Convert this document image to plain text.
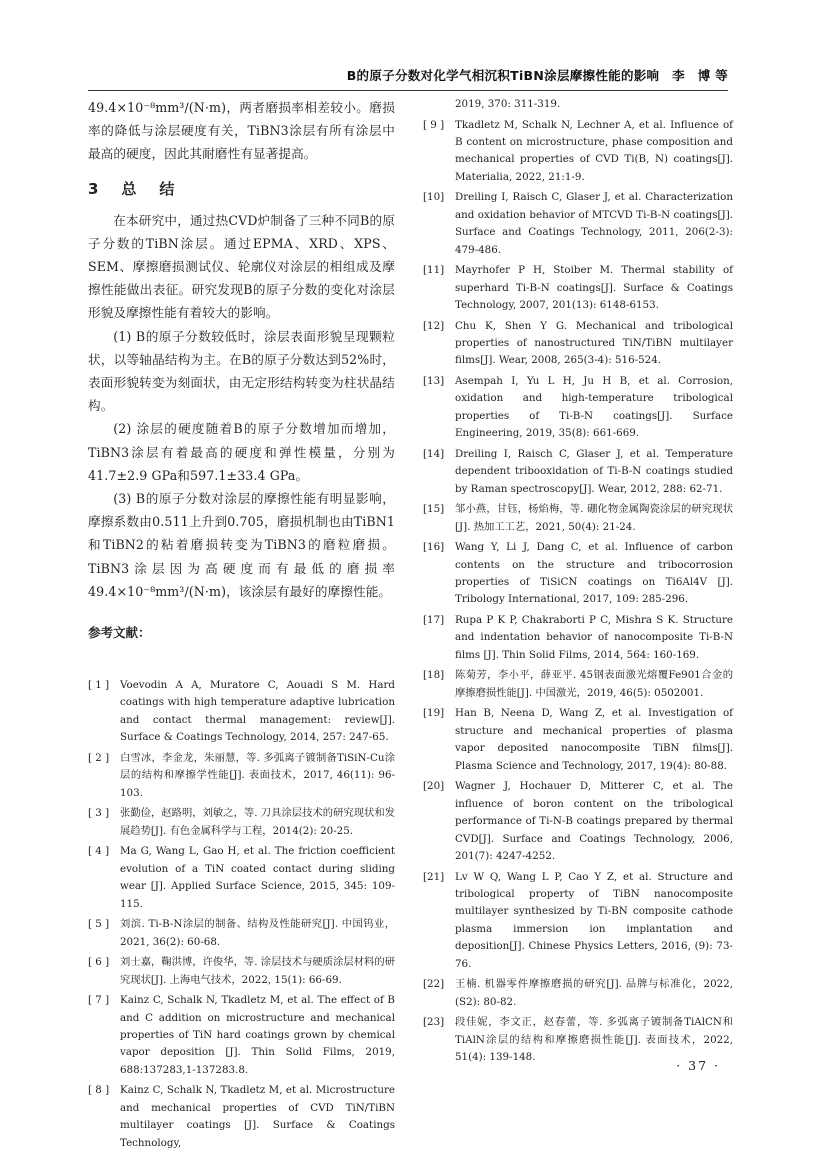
B的原子分数对化学气相沉积TiBN涂层摩擦性能的影响　李　博 等

49.4×10⁻⁸mm³/(N·m)，两者磨损率相差较小。磨损率的降低与涂层硬度有关，TiBN3涂层有所有涂层中最高的硬度，因此其耐磨性有显著提高。

3　总　结

在本研究中，通过热CVD炉制备了三种不同B的原子分数的TiBN涂层。通过EPMA、XRD、XPS、SEM、摩擦磨损测试仪、轮廓仪对涂层的相组成及摩擦性能做出表征。研究发现B的原子分数的变化对涂层形貌及摩擦性能有着较大的影响。

(1) B的原子分数较低时，涂层表面形貌呈现颗粒状，以等轴晶结构为主。在B的原子分数达到52%时，表面形貌转变为刻面状，由无定形结构转变为柱状晶结构。

(2) 涂层的硬度随着B的原子分数增加而增加，TiBN3涂层有着最高的硬度和弹性模量，分别为41.7±2.9 GPa和597.1±33.4 GPa。

(3) B的原子分数对涂层的摩擦性能有明显影响，摩擦系数由0.511上升到0.705，磨损机制也由TiBN1和TiBN2的粘着磨损转变为TiBN3的磨粒磨损。TiBN3涂层因为高硬度而有最低的磨损率49.4×10⁻⁸mm³/(N·m)，该涂层有最好的摩擦性能。

参考文献：
[ 1 ]	Voevodin A A, Muratore C, Aouadi S M. Hard coatings with high temperature adaptive lubrication and contact thermal management: review[J]. Surface & Coatings Technology, 2014, 257: 247-65.
[ 2 ]	白雪冰，李金龙，朱丽慧，等. 多弧离子镀制备TiSiN-Cu涂层的结构和摩擦学性能[J]. 表面技术，2017, 46(11): 96-103.
[ 3 ]	张勤俭，赵路明，刘敏之，等. 刀具涂层技术的研究现状和发展趋势[J]. 有色金属科学与工程，2014(2): 20-25.
[ 4 ]	Ma G, Wang L, Gao H, et al. The friction coefficient evolution of a TiN coated contact during sliding wear [J]. Applied Surface Science, 2015, 345: 109-115.
[ 5 ]	刘滨. Ti-B-N涂层的制备、结构及性能研究[J]. 中国钨业，2021, 36(2): 60-68.
[ 6 ]	刘士嘉，鞠洪博，许俊华，等. 涂层技术与硬质涂层材料的研究现状[J]. 上海电气技术，2022, 15(1): 66-69.
[ 7 ]	Kainz C, Schalk N, Tkadletz M, et al. The effect of B and C addition on microstructure and mechanical properties of TiN hard coatings grown by chemical vapor deposition [J]. Thin Solid Films, 2019, 688:137283,1-137283.8.
[ 8 ]	Kainz C, Schalk N, Tkadletz M, et al. Microstructure and mechanical properties of CVD TiN/TiBN multilayer coatings [J]. Surface & Coatings Technology,
2019, 370: 311-319.
[ 9 ]	Tkadletz M, Schalk N, Lechner A, et al. Influence of B content on microstructure, phase composition and mechanical properties of CVD Ti(B, N) coatings[J]. Materialia, 2022, 21:1-9.
[10]	Dreiling I, Raisch C, Glaser J, et al. Characterization and oxidation behavior of MTCVD Ti-B-N coatings[J]. Surface and Coatings Technology, 2011, 206(2-3): 479-486.
[11]	Mayrhofer P H, Stoiber M. Thermal stability of superhard Ti-B-N coatings[J]. Surface & Coatings Technology, 2007, 201(13): 6148-6153.
[12]	Chu K, Shen Y G. Mechanical and tribological properties of nanostructured TiN/TiBN multilayer films[J]. Wear, 2008, 265(3-4): 516-524.
[13]	Asempah I, Yu L H, Ju H B, et al. Corrosion, oxidation and high-temperature tribological properties of Ti-B-N coatings[J]. Surface Engineering, 2019, 35(8): 661-669.
[14]	Dreiling I, Raisch C, Glaser J, et al. Temperature dependent tribooxidation of Ti-B-N coatings studied by Raman spectroscopy[J]. Wear, 2012, 288: 62-71.
[15]	邹小燕，甘钰，杨焰梅，等. 硼化物金属陶瓷涂层的研究现状[J]. 热加工工艺，2021, 50(4): 21-24.
[16]	Wang Y, Li J, Dang C, et al. Influence of carbon contents on the structure and tribocorrosion properties of TiSiCN coatings on Ti6Al4V [J]. Tribology International, 2017, 109: 285-296.
[17]	Rupa P K P, Chakraborti P C, Mishra S K. Structure and indentation behavior of nanocomposite Ti-B-N films [J]. Thin Solid Films, 2014, 564: 160-169.
[18]	陈菊芳，李小平，薛亚平. 45钢表面激光熔覆Fe901合金的摩擦磨损性能[J]. 中国激光，2019, 46(5): 0502001.
[19]	Han B, Neena D, Wang Z, et al. Investigation of structure and mechanical properties of plasma vapor deposited nanocomposite TiBN films[J]. Plasma Science and Technology, 2017, 19(4): 80-88.
[20]	Wagner J, Hochauer D, Mitterer C, et al. The influence of boron content on the tribological performance of Ti-N-B coatings prepared by thermal CVD[J]. Surface and Coatings Technology, 2006, 201(7): 4247-4252.
[21]	Lv W Q, Wang L P, Cao Y Z, et al. Structure and tribological property of TiBN nanocomposite multilayer synthesized by Ti-BN composite cathode plasma immersion ion implantation and deposition[J]. Chinese Physics Letters, 2016, (9): 73-76.
[22]	王楠. 机器零件摩擦磨损的研究[J]. 品牌与标准化，2022, (S2): 80-82.
[23]	段佳妮，李文正，赵春蕾，等. 多弧离子镀制备TiAlCN和TiAlN涂层的结构和摩擦磨损性能[J]. 表面技术，2022, 51(4): 139-148.
· 37 ·
